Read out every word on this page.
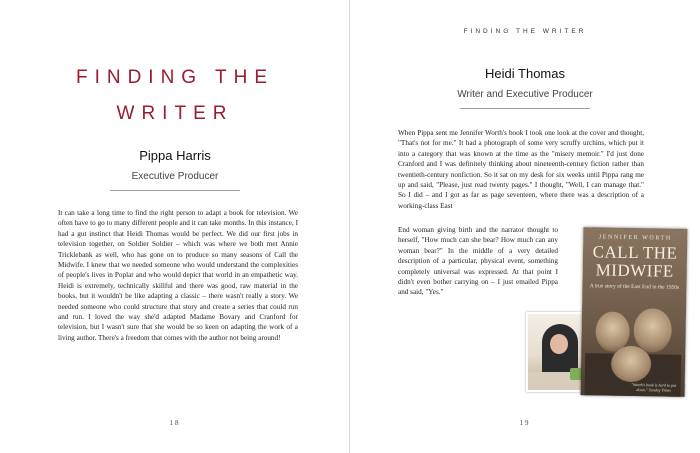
FINDING THE
WRITER
Pippa Harris
Executive Producer
It can take a long time to find the right person to adapt a book for television. We often have to go to many different people and it can take months. In this instance, I had a gut instinct that Heidi Thomas would be perfect. We did our first jobs in television together, on Soldier Soldier – which was where we both met Annie Tricklebank as well, who has gone on to produce so many seasons of Call the Midwife. I knew that we needed someone who would understand the complexities of people's lives in Poplar and who would depict that world in an empathetic way. Heidi is extremely, technically skillful and there was good, raw material in the books, but it wouldn't be like adapting a classic – there wasn't really a story. We needed someone who could structure that story and create a series that could run and run. I loved the way she'd adapted Madame Bovary and Cranford for television, but I wasn't sure that she would be so keen on adapting the work of a living author. There's a freedom that comes with the author not being around!
18
FINDING THE WRITER
Heidi Thomas
Writer and Executive Producer
When Pippa sent me Jennifer Worth's book I took one look at the cover and thought, "That's not for me." It had a photograph of some very scruffy urchins, which put it into a category that was known at the time as the "misery memoir." I'd just done Cranford and I was definitely thinking about nineteenth-century fiction rather than twentieth-century nonfiction. So it sat on my desk for six weeks until Pippa rang me up and said, "Please, just read twenty pages." I thought, "Well, I can manage that." So I did – and I got as far as page seventeen, where there was a description of a working-class East
End woman giving birth and the narrator thought to herself, "How much can she bear? How much can any woman bear?" In the middle of a very detailed description of a particular, physical event, something completely universal was expressed. At that point I didn't even bother carrying on – I just emailed Pippa and said, "Yes."
JENNIFER WORTH
CALL THE MIDWIFE
A true story of the East End in the 1950s
"Worth's book is hard to put down." Sunday Times
19
